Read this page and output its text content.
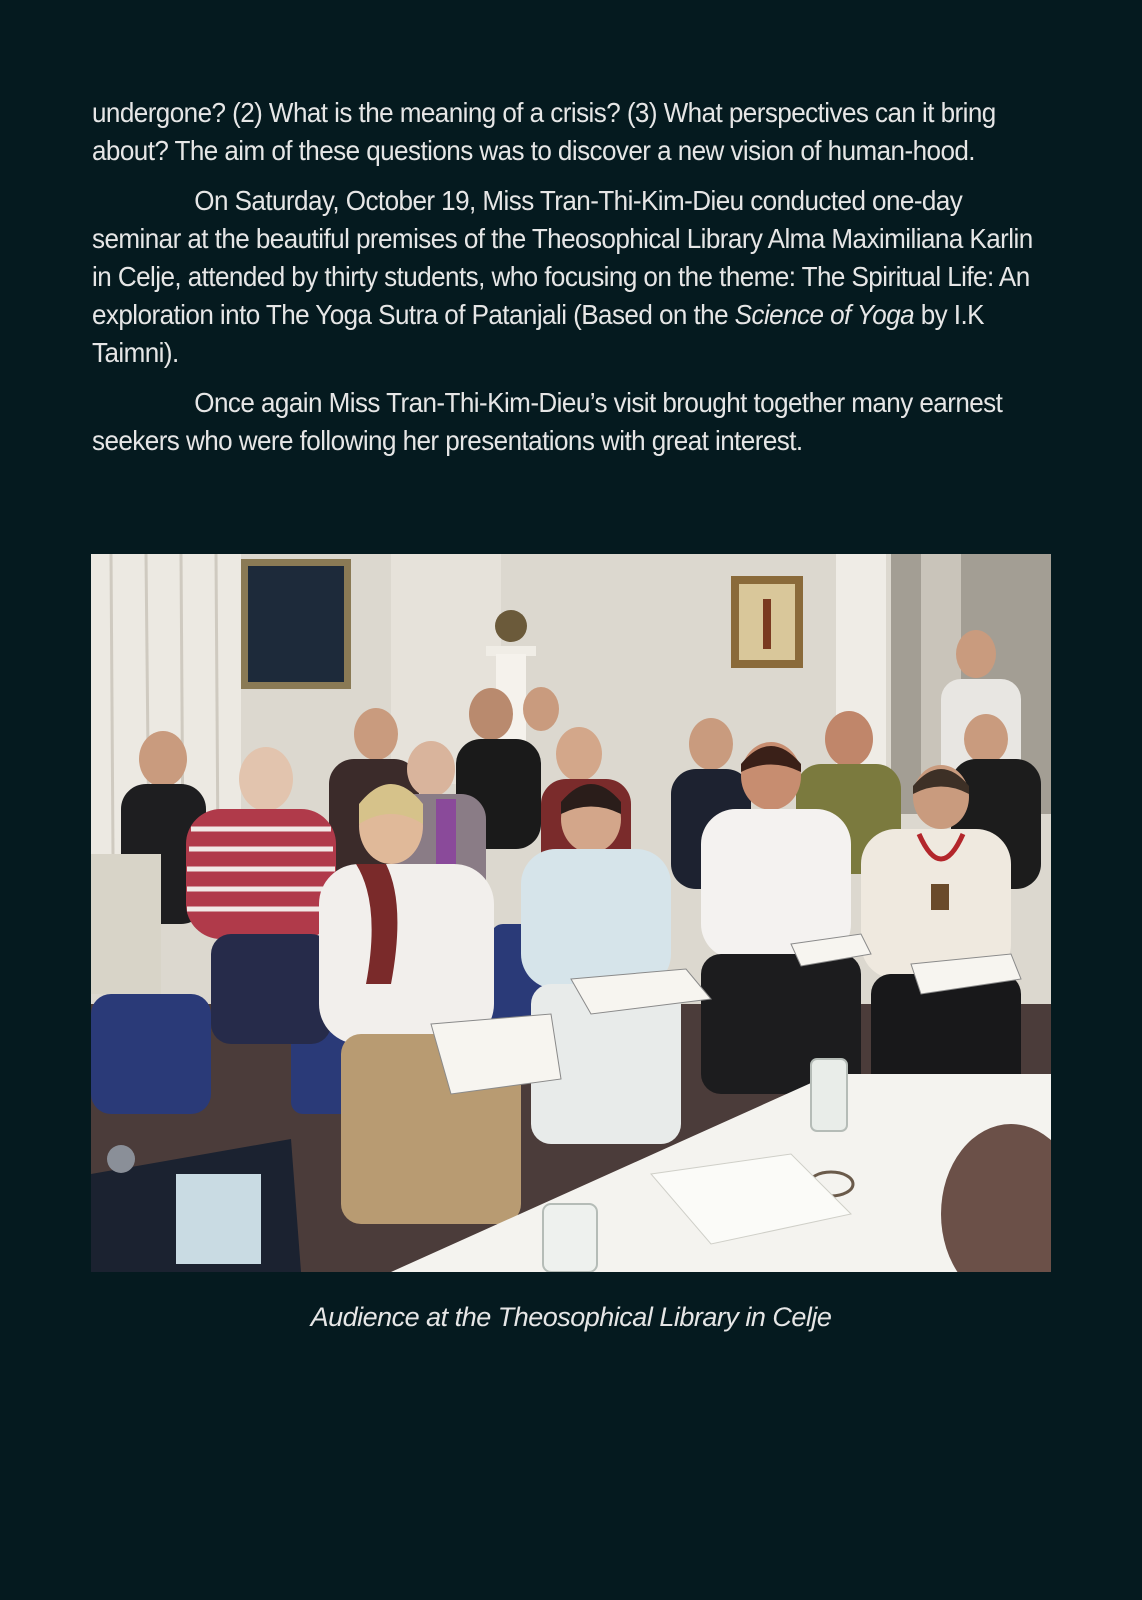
undergone? (2) What is the meaning of a crisis? (3) What perspectives can it bring about? The aim of these questions was to discover a new vision of human-hood.

On Saturday, October 19, Miss Tran-Thi-Kim-Dieu conducted one-day seminar at the beautiful premises of the Theosophical Library Alma Maximiliana Karlin in Celje, attended by thirty students, who focusing on the theme: The Spiritual Life: An exploration into The Yoga Sutra of Patanjali (Based on the Science of Yoga by I.K Taimni).

Once again Miss Tran-Thi-Kim-Dieu’s visit brought together many earnest seekers who were following her presentations with great interest.

Audience at the Theosophical Library in Celje
